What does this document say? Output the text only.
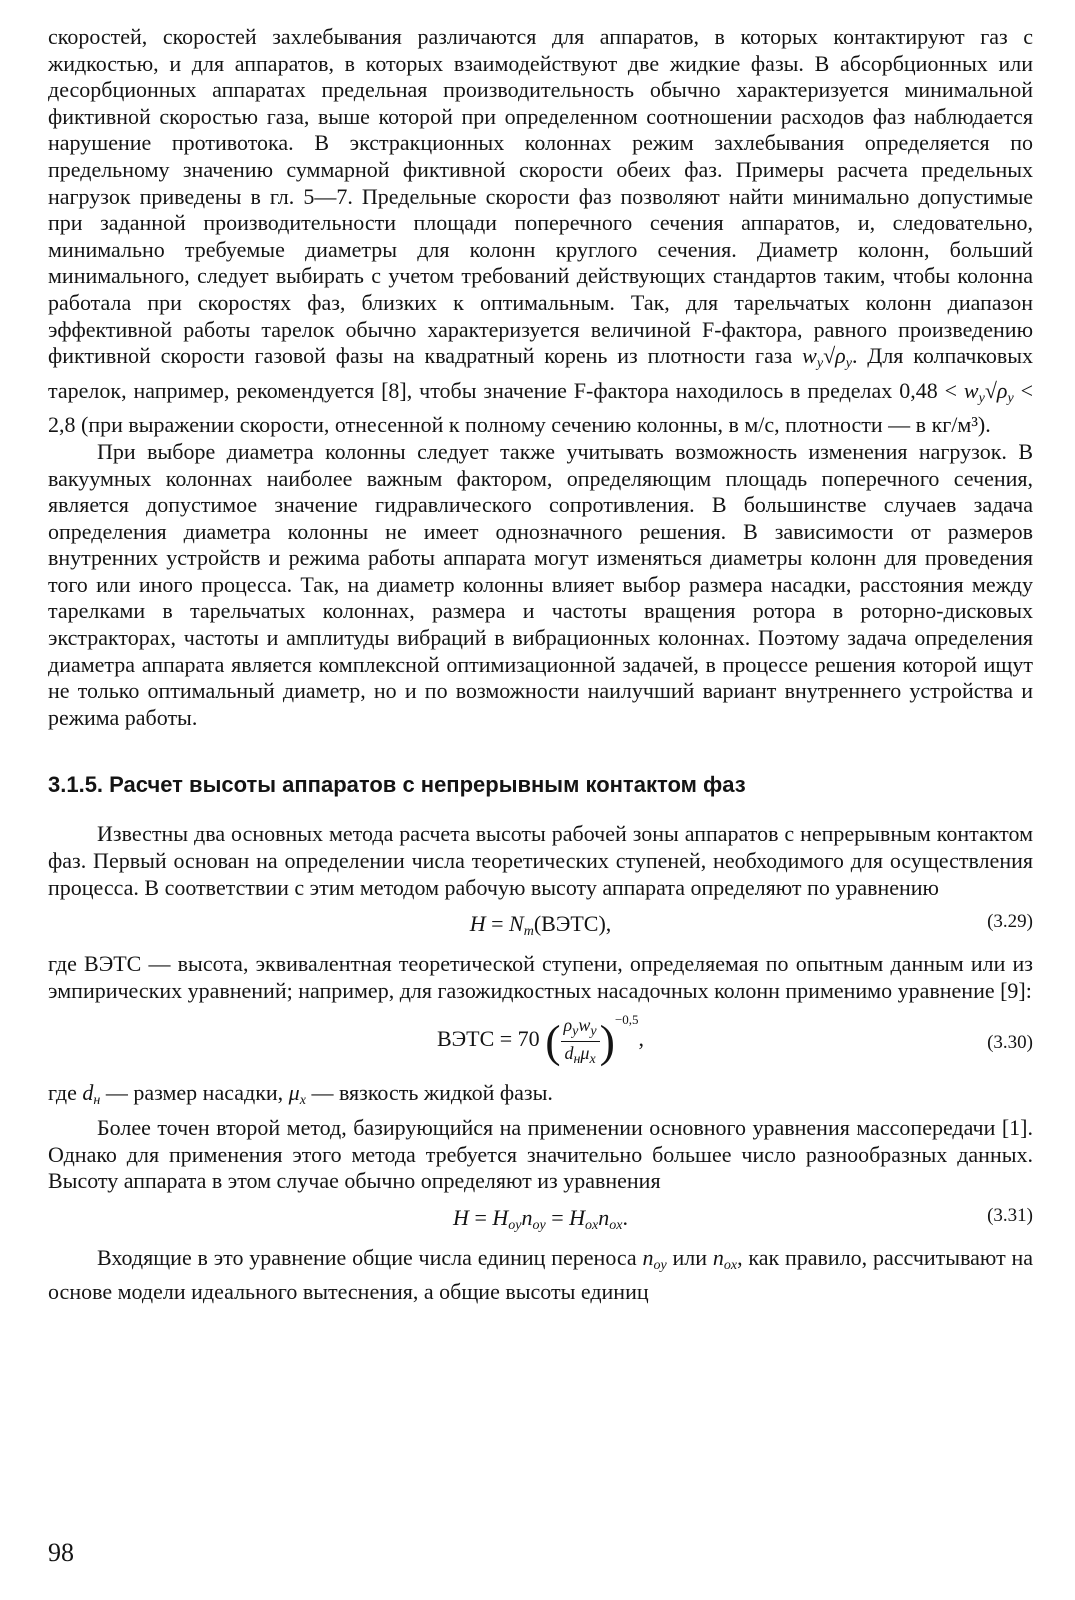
скоростей, скоростей захлебывания различаются для аппаратов, в которых контактируют газ с жидкостью, и для аппаратов, в которых взаимодействуют две жидкие фазы. В абсорбционных или десорбционных аппаратах предельная производительность обычно характеризуется минимальной фиктивной скоростью газа, выше которой при определенном соотношении расходов фаз наблюдается нарушение противотока. В экстракционных колоннах режим захлебывания определяется по предельному значению суммарной фиктивной скорости обеих фаз. Примеры расчета предельных нагрузок приведены в гл. 5—7. Предельные скорости фаз позволяют найти минимально допустимые при заданной производительности площади поперечного сечения аппаратов, и, следовательно, минимально требуемые диаметры для колонн круглого сечения. Диаметр колонн, больший минимального, следует выбирать с учетом требований действующих стандартов таким, чтобы колонна работала при скоростях фаз, близких к оптимальным. Так, для тарельчатых колонн диапазон эффективной работы тарелок обычно характеризуется величиной F-фактора, равного произведению фиктивной скорости газовой фазы на квадратный корень из плотности газа $w_y√\rho_y$. Для колпачковых тарелок, например, рекомендуется [8], чтобы значение F-фактора находилось в пределах $0,48 < w_y√\rho_y < 2,8$ (при выражении скорости, отнесенной к полному сечению колонны, в м/с, плотности — в кг/м³).

При выборе диаметра колонны следует также учитывать возможность изменения нагрузок. В вакуумных колоннах наиболее важным фактором, определяющим площадь поперечного сечения, является допустимое значение гидравлического сопротивления. В большинстве случаев задача определения диаметра колонны не имеет однозначного решения. В зависимости от размеров внутренних устройств и режима работы аппарата могут изменяться диаметры колонн для проведения того или иного процесса. Так, на диаметр колонны влияет выбор размера насадки, расстояния между тарелками в тарельчатых колоннах, размера и частоты вращения ротора в роторно-дисковых экстракторах, частоты и амплитуды вибраций в вибрационных колоннах. Поэтому задача определения диаметра аппарата является комплексной оптимизационной задачей, в процессе решения которой ищут не только оптимальный диаметр, но и по возможности наилучший вариант внутреннего устройства и режима работы.

3.1.5. Расчет высоты аппаратов с непрерывным контактом фаз

Известны два основных метода расчета высоты рабочей зоны аппаратов с непрерывным контактом фаз. Первый основан на определении числа теоретических ступеней, необходимого для осуществления процесса. В соответствии с этим методом рабочую высоту аппарата определяют по уравнению

$H = N_т(ВЭТС)$,	(3.29)

где ВЭТС — высота, эквивалентная теоретической ступени, определяемая по опытным данным или из эмпирических уравнений; например, для газожидкостных насадочных колонн применимо уравнение [9]:

ВЭТС = 70 ( $\frac{\rho_yw_y}{d_н\mu_x} )^{-0,5}$,	(3.30)

где $d_н$ — размер насадки, $\mu_x$ — вязкость жидкой фазы.

Более точен второй метод, базирующийся на применении основного уравнения массопередачи [1]. Однако для применения этого метода требуется значительно большее число разнообразных данных. Высоту аппарата в этом случае обычно определяют из уравнения

$H = H_{oy}n_{oy} = H_{ox}n_{ox}$.	(3.31)

Входящие в это уравнение общие числа единиц переноса $n_{oy}$ или $n_{ox}$, как правило, рассчитывают на основе модели идеального вытеснения, а общие высоты единиц

98
